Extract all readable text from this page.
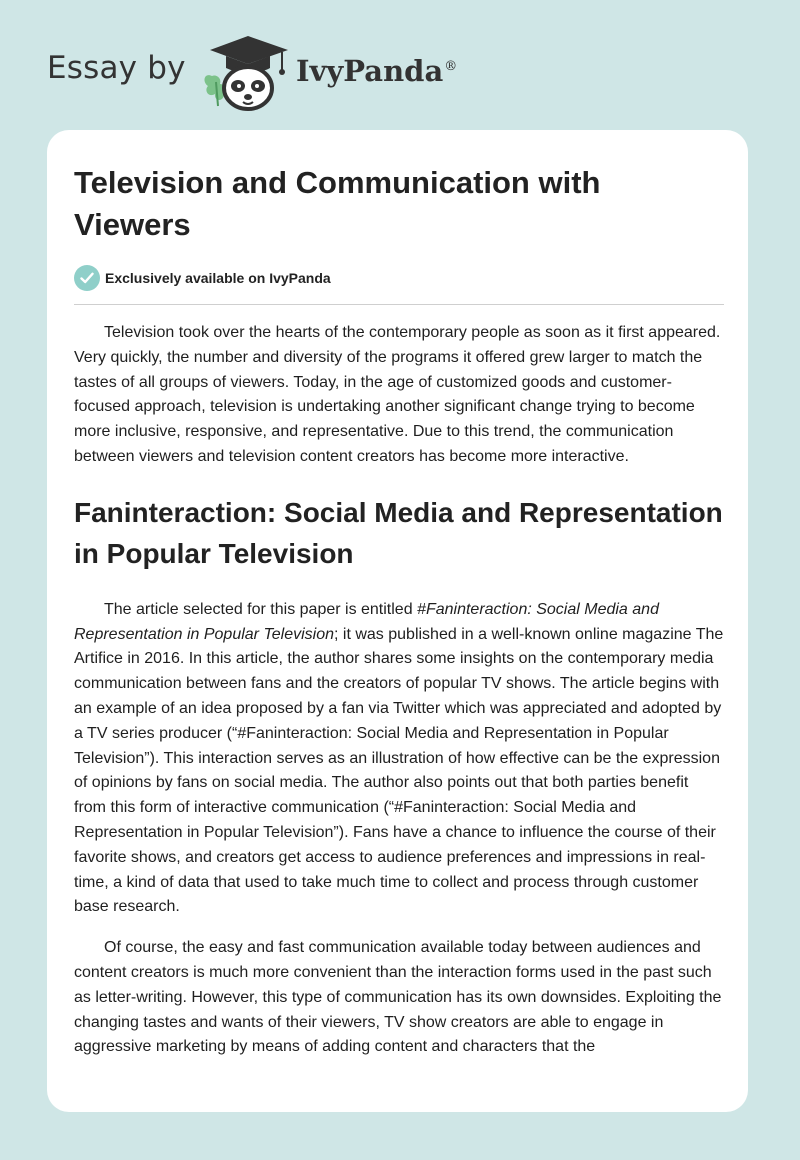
Essay by	IvyPanda®
Television and Communication with Viewers
Exclusively available on IvyPanda

Television took over the hearts of the contemporary people as soon as it first appeared. Very quickly, the number and diversity of the programs it offered grew larger to match the tastes of all groups of viewers. Today, in the age of customized goods and customer-focused approach, television is undertaking another significant change trying to become more inclusive, responsive, and representative. Due to this trend, the communication between viewers and television content creators has become more interactive.

Faninteraction: Social Media and Representation in Popular Television

The article selected for this paper is entitled #Faninteraction: Social Media and Representation in Popular Television; it was published in a well-known online magazine The Artifice in 2016. In this article, the author shares some insights on the contemporary media communication between fans and the creators of popular TV shows. The article begins with an example of an idea proposed by a fan via Twitter which was appreciated and adopted by a TV series producer (“#Faninteraction: Social Media and Representation in Popular Television”). This interaction serves as an illustration of how effective can be the expression of opinions by fans on social media. The author also points out that both parties benefit from this form of interactive communication (“#Faninteraction: Social Media and Representation in Popular Television”). Fans have a chance to influence the course of their favorite shows, and creators get access to audience preferences and impressions in real-time, a kind of data that used to take much time to collect and process through customer base research.

Of course, the easy and fast communication available today between audiences and content creators is much more convenient than the interaction forms used in the past such as letter-writing. However, this type of communication has its own downsides. Exploiting the changing tastes and wants of their viewers, TV show creators are able to engage in aggressive marketing by means of adding content and characters that the
